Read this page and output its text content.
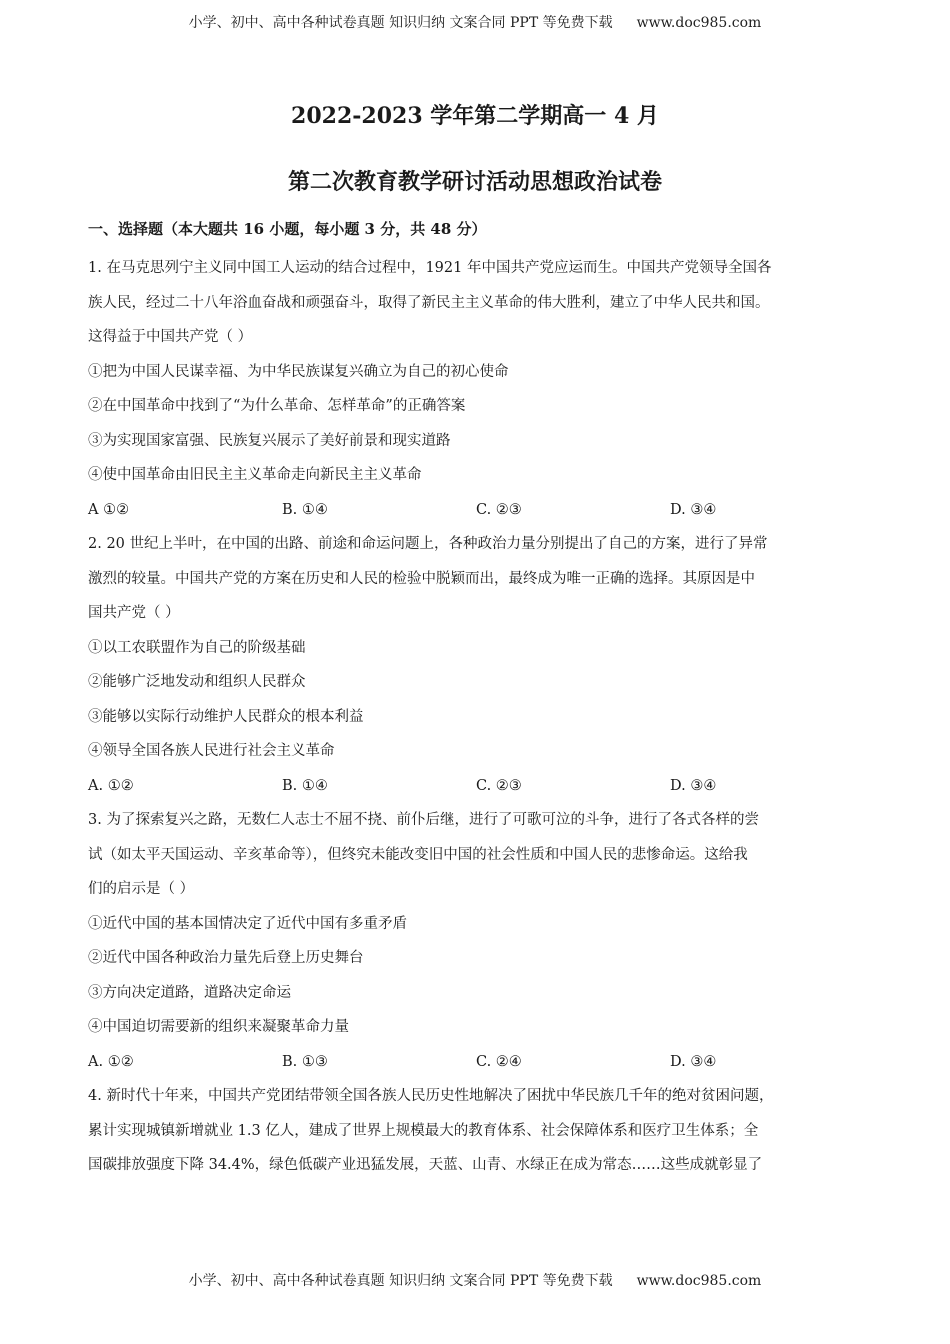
小学、初中、高中各种试卷真题 知识归纳 文案合同 PPT 等免费下载 www.doc985.com
2022-2023 学年第二学期高一 4 月
第二次教育教学研讨活动思想政治试卷
一、选择题（本大题共 16 小题，每小题 3 分，共 48 分）
1. 在马克思列宁主义同中国工人运动的结合过程中，1921 年中国共产党应运而生。中国共产党领导全国各
族人民，经过二十八年浴血奋战和顽强奋斗，取得了新民主主义革命的伟大胜利，建立了中华人民共和国。
这得益于中国共产党（ ）
①把为中国人民谋幸福、为中华民族谋复兴确立为自己的初心使命
②在中国革命中找到了“为什么革命、怎样革命”的正确答案
③为实现国家富强、民族复兴展示了美好前景和现实道路
④使中国革命由旧民主主义革命走向新民主主义革命
A ①②	B. ①④	C. ②③	D. ③④
2. 20 世纪上半叶，在中国的出路、前途和命运问题上，各种政治力量分别提出了自己的方案，进行了异常
激烈的较量。中国共产党的方案在历史和人民的检验中脱颖而出，最终成为唯一正确的选择。其原因是中
国共产党（ ）
①以工农联盟作为自己的阶级基础
②能够广泛地发动和组织人民群众
③能够以实际行动维护人民群众的根本利益
④领导全国各族人民进行社会主义革命
A. ①②	B. ①④	C. ②③	D. ③④
3. 为了探索复兴之路，无数仁人志士不屈不挠、前仆后继，进行了可歌可泣的斗争，进行了各式各样的尝
试（如太平天国运动、辛亥革命等），但终究未能改变旧中国的社会性质和中国人民的悲惨命运。这给我
们的启示是（ ）
①近代中国的基本国情决定了近代中国有多重矛盾
②近代中国各种政治力量先后登上历史舞台
③方向决定道路，道路决定命运
④中国迫切需要新的组织来凝聚革命力量
A. ①②	B. ①③	C. ②④	D. ③④
4. 新时代十年来，中国共产党团结带领全国各族人民历史性地解决了困扰中华民族几千年的绝对贫困问题，
累计实现城镇新增就业 1.3 亿人，建成了世界上规模最大的教育体系、社会保障体系和医疗卫生体系；全
国碳排放强度下降 34.4%，绿色低碳产业迅猛发展，天蓝、山青、水绿正在成为常态……这些成就彰显了
小学、初中、高中各种试卷真题 知识归纳 文案合同 PPT 等免费下载 www.doc985.com
